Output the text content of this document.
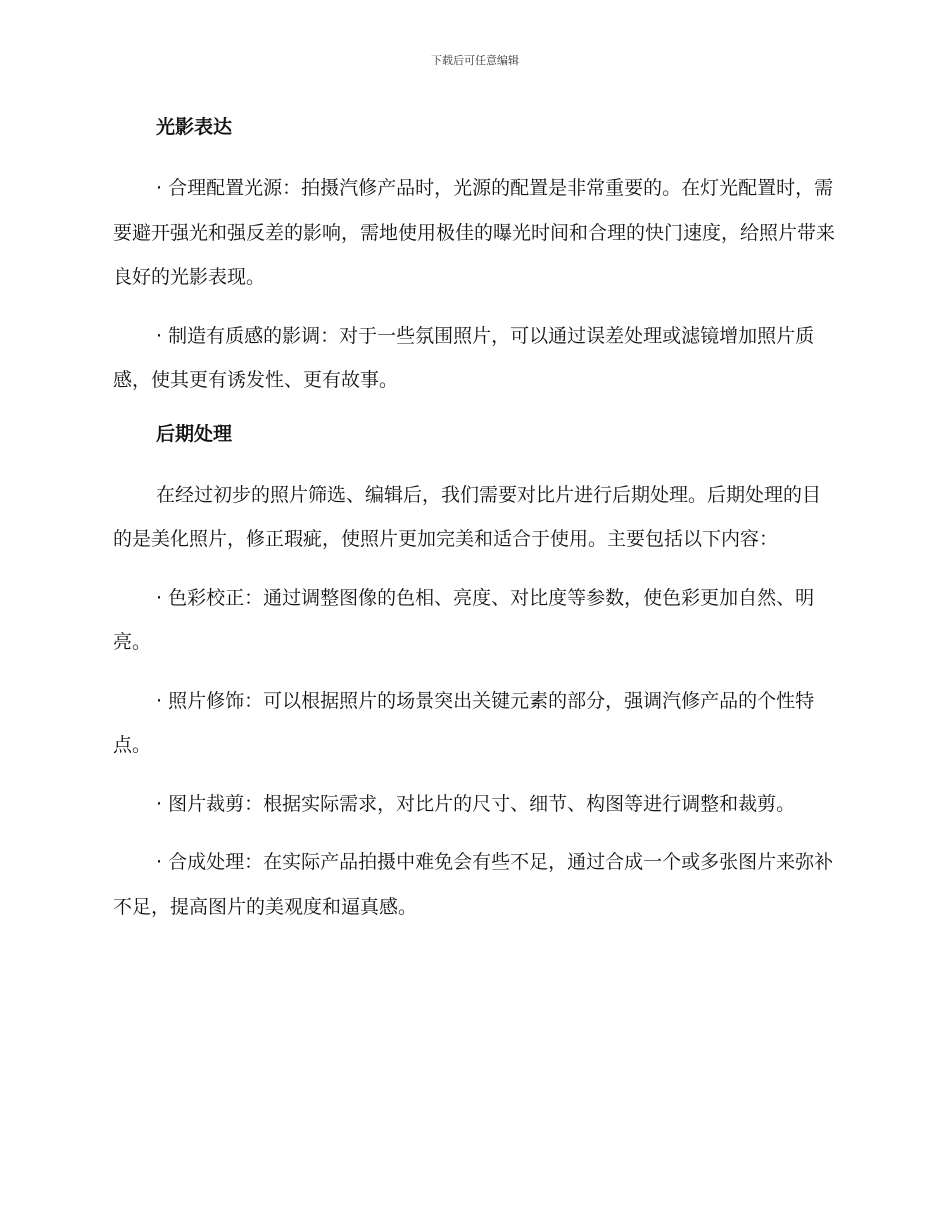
下载后可任意编辑
光影表达

· 合理配置光源：拍摄汽修产品时，光源的配置是非常重要的。在灯光配置时，需要避开强光和强反差的影响，需地使用极佳的曝光时间和合理的快门速度，给照片带来良好的光影表现。

· 制造有质感的影调：对于一些氛围照片，可以通过误差处理或滤镜增加照片质感，使其更有诱发性、更有故事。

后期处理

在经过初步的照片筛选、编辑后，我们需要对比片进行后期处理。后期处理的目的是美化照片，修正瑕疵，使照片更加完美和适合于使用。主要包括以下内容：

· 色彩校正：通过调整图像的色相、亮度、对比度等参数，使色彩更加自然、明亮。

· 照片修饰：可以根据照片的场景突出关键元素的部分，强调汽修产品的个性特点。

· 图片裁剪：根据实际需求，对比片的尺寸、细节、构图等进行调整和裁剪。

· 合成处理：在实际产品拍摄中难免会有些不足，通过合成一个或多张图片来弥补不足，提高图片的美观度和逼真感。
